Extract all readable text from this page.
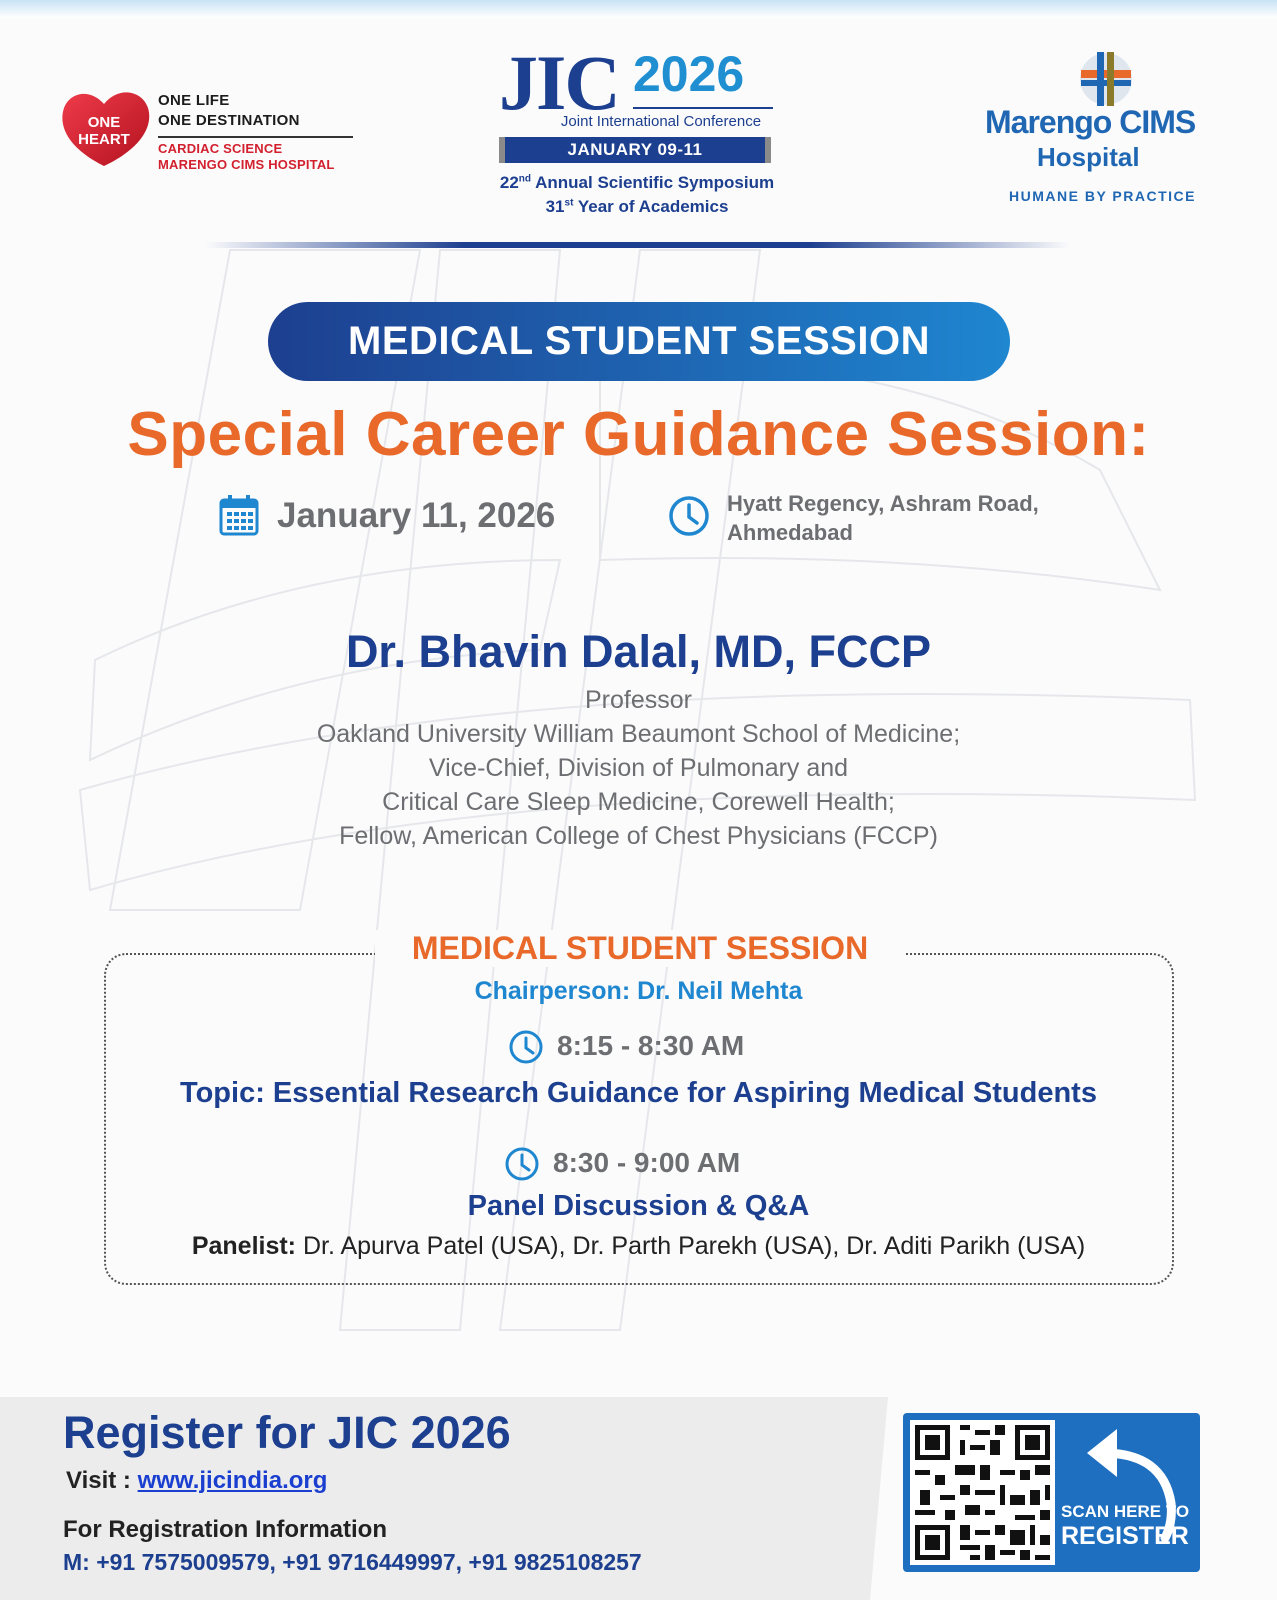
ONE
HEART
ONE LIFE
ONE DESTINATION
CARDIAC SCIENCE
MARENGO CIMS HOSPITAL
JIC 2026
Joint International Conference
JANUARY 09-11
22nd Annual Scientific Symposium
31st Year of Academics
Marengo CIMS
Hospital
HUMANE BY PRACTICE
MEDICAL STUDENT SESSION
Special Career Guidance Session:
January 11, 2026	Hyatt Regency, Ashram Road,
Ahmedabad
Dr. Bhavin Dalal, MD, FCCP
Professor
Oakland University William Beaumont School of Medicine;
Vice-Chief, Division of Pulmonary and
Critical Care Sleep Medicine, Corewell Health;
Fellow, American College of Chest Physicians (FCCP)
MEDICAL STUDENT SESSION
Chairperson: Dr. Neil Mehta
8:15 - 8:30 AM
Topic: Essential Research Guidance for Aspiring Medical Students
8:30 - 9:00 AM
Panel Discussion & Q&A
Panelist: Dr. Apurva Patel (USA), Dr. Parth Parekh (USA), Dr. Aditi Parikh (USA)
Register for JIC 2026
Visit : www.jicindia.org
For Registration Information
M: +91 7575009579, +91 9716449997, +91 9825108257
SCAN HERE TO
REGISTER
